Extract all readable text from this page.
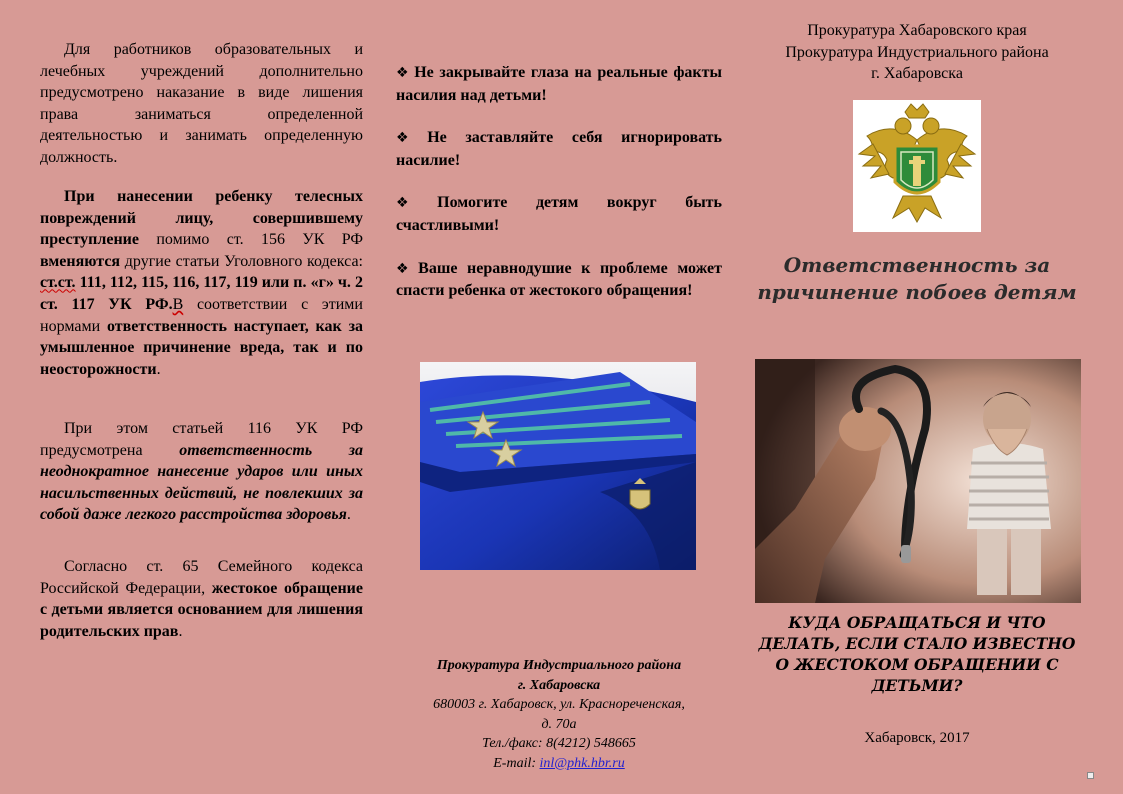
Для работников образовательных и лечебных учреждений дополнительно предусмотрено наказание в виде лишения права заниматься определенной деятельностью и занимать определенную должность.

При нанесении ребенку телесных повреждений лицу, совершившему преступление помимо ст. 156 УК РФ вменяются другие статьи Уголовного кодекса: ст.ст. 111, 112, 115, 116, 117, 119 или п. «г» ч. 2 ст. 117 УК РФ.В соответствии с этими нормами ответственность наступает, как за умышленное причинение вреда, так и по неосторожности.

При этом статьей 116 УК РФ предусмотрена ответственность за неоднократное нанесение ударов или иных насильственных действий, не повлекших за собой даже легкого расстройства здоровья.

Согласно ст. 65 Семейного кодекса Российской Федерации, жестокое обращение с детьми является основанием для лишения родительских прав.

❖ Не закрывайте глаза на реальные факты насилия над детьми!

❖ Не заставляйте себя игнорировать насилие!

❖ Помогите детям вокруг быть счастливыми!

❖ Ваше неравнодушие к проблеме может спасти ребенка от жестокого обращения!

Прокуратура Индустриального района
г. Хабаровска
680003 г. Хабаровск, ул. Краснореченская,
д. 70а
Тел./факс: 8(4212) 548665
E-mail: inl@phk.hbr.ru
Прокуратура Хабаровского края
Прокуратура Индустриального района
г. Хабаровска
Ответственность за причинение побоев детям
КУДА ОБРАЩАТЬСЯ И ЧТО ДЕЛАТЬ, ЕСЛИ СТАЛО ИЗВЕСТНО О ЖЕСТОКОМ ОБРАЩЕНИИ С ДЕТЬМИ?
Хабаровск, 2017
